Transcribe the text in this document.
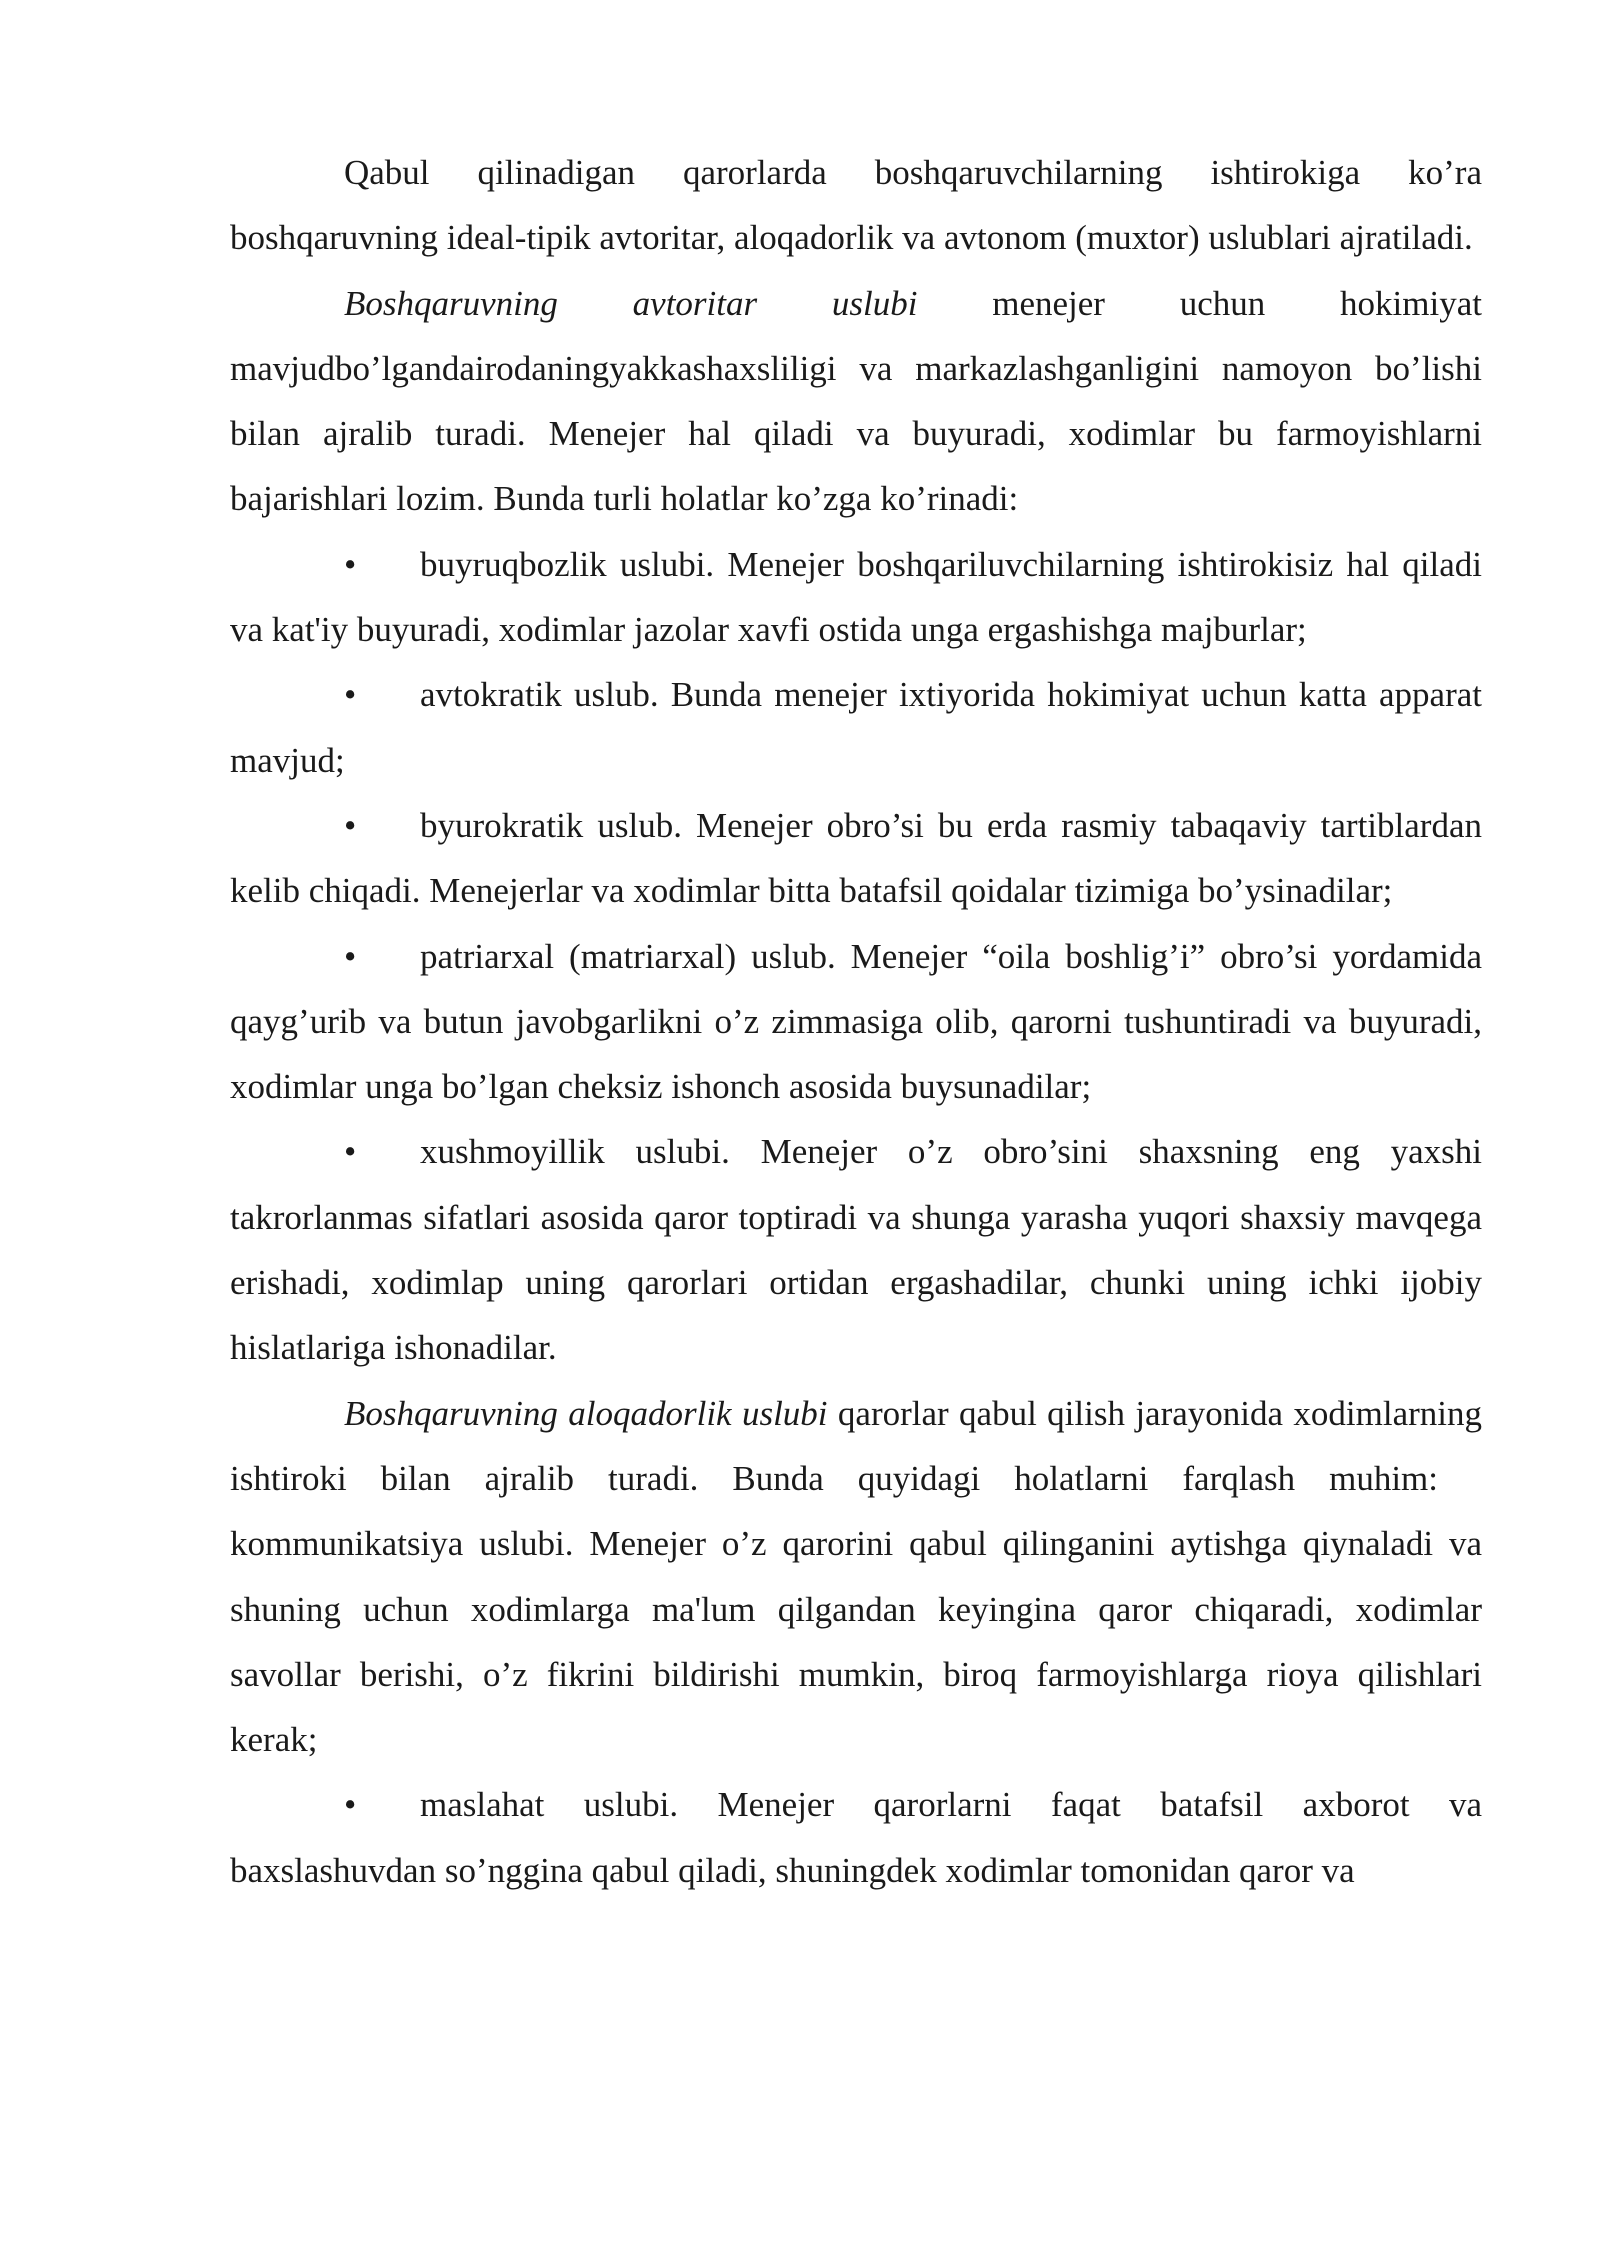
Qabul qilinadigan qarorlarda boshqaruvchilarning ishtirokiga ko’ra boshqaruvning ideal-tipik avtoritar, aloqadorlik va avtonom (muxtor) uslublari ajratiladi.

Boshqaruvning avtoritar uslubi menejer uchun hokimiyat mavjudbo’lgandairodaningyakkashaxsliligi va markazlashganligini namoyon bo’lishi bilan ajralib turadi. Menejer hal qiladi va buyuradi, xodimlar bu farmoyishlarni bajarishlari lozim. Bunda turli holatlar ko’zga ko’rinadi:

• buyruqbozlik uslubi. Menejer boshqariluvchilarning ishtirokisiz hal qiladi va kat'iy buyuradi, xodimlar jazolar xavfi ostida unga ergashishga majburlar;

• avtokratik uslub. Bunda menejer ixtiyorida hokimiyat uchun katta apparat mavjud;

• byurokratik uslub. Menejer obro’si bu erda rasmiy tabaqaviy tartiblardan kelib chiqadi. Menejerlar va xodimlar bitta batafsil qoidalar tizimiga bo’ysinadilar;

• patriarxal (matriarxal) uslub. Menejer “oila boshlig’i” obro’si yordamida qayg’urib va butun javobgarlikni o’z zimmasiga olib, qarorni tushuntiradi va buyuradi, xodimlar unga bo’lgan cheksiz ishonch asosida buysunadilar;

• xushmoyillik uslubi. Menejer o’z obro’sini shaxsning eng yaxshi takrorlanmas sifatlari asosida qaror toptiradi va shunga yarasha yuqori shaxsiy mavqega erishadi, xodimlap uning qarorlari ortidan ergashadilar, chunki uning ichki ijobiy hislatlariga ishonadilar.

Boshqaruvning aloqadorlik uslubi qarorlar qabul qilish jarayonida xodimlarning ishtiroki bilan ajralib turadi. Bunda quyidagi holatlarni farqlash muhim:kommunikatsiya uslubi. Menejer o’z qarorini qabul qilinganini aytishga qiynaladi va shuning uchun xodimlarga ma'lum qilgandan keyingina qaror chiqaradi, xodimlar savollar berishi, o’z fikrini bildirishi mumkin, biroq farmoyishlarga rioya qilishlari kerak;

• maslahat uslubi. Menejer qarorlarni faqat batafsil axborot va baxslashuvdan so’nggina qabul qiladi, shuningdek xodimlar tomonidan qaror va
